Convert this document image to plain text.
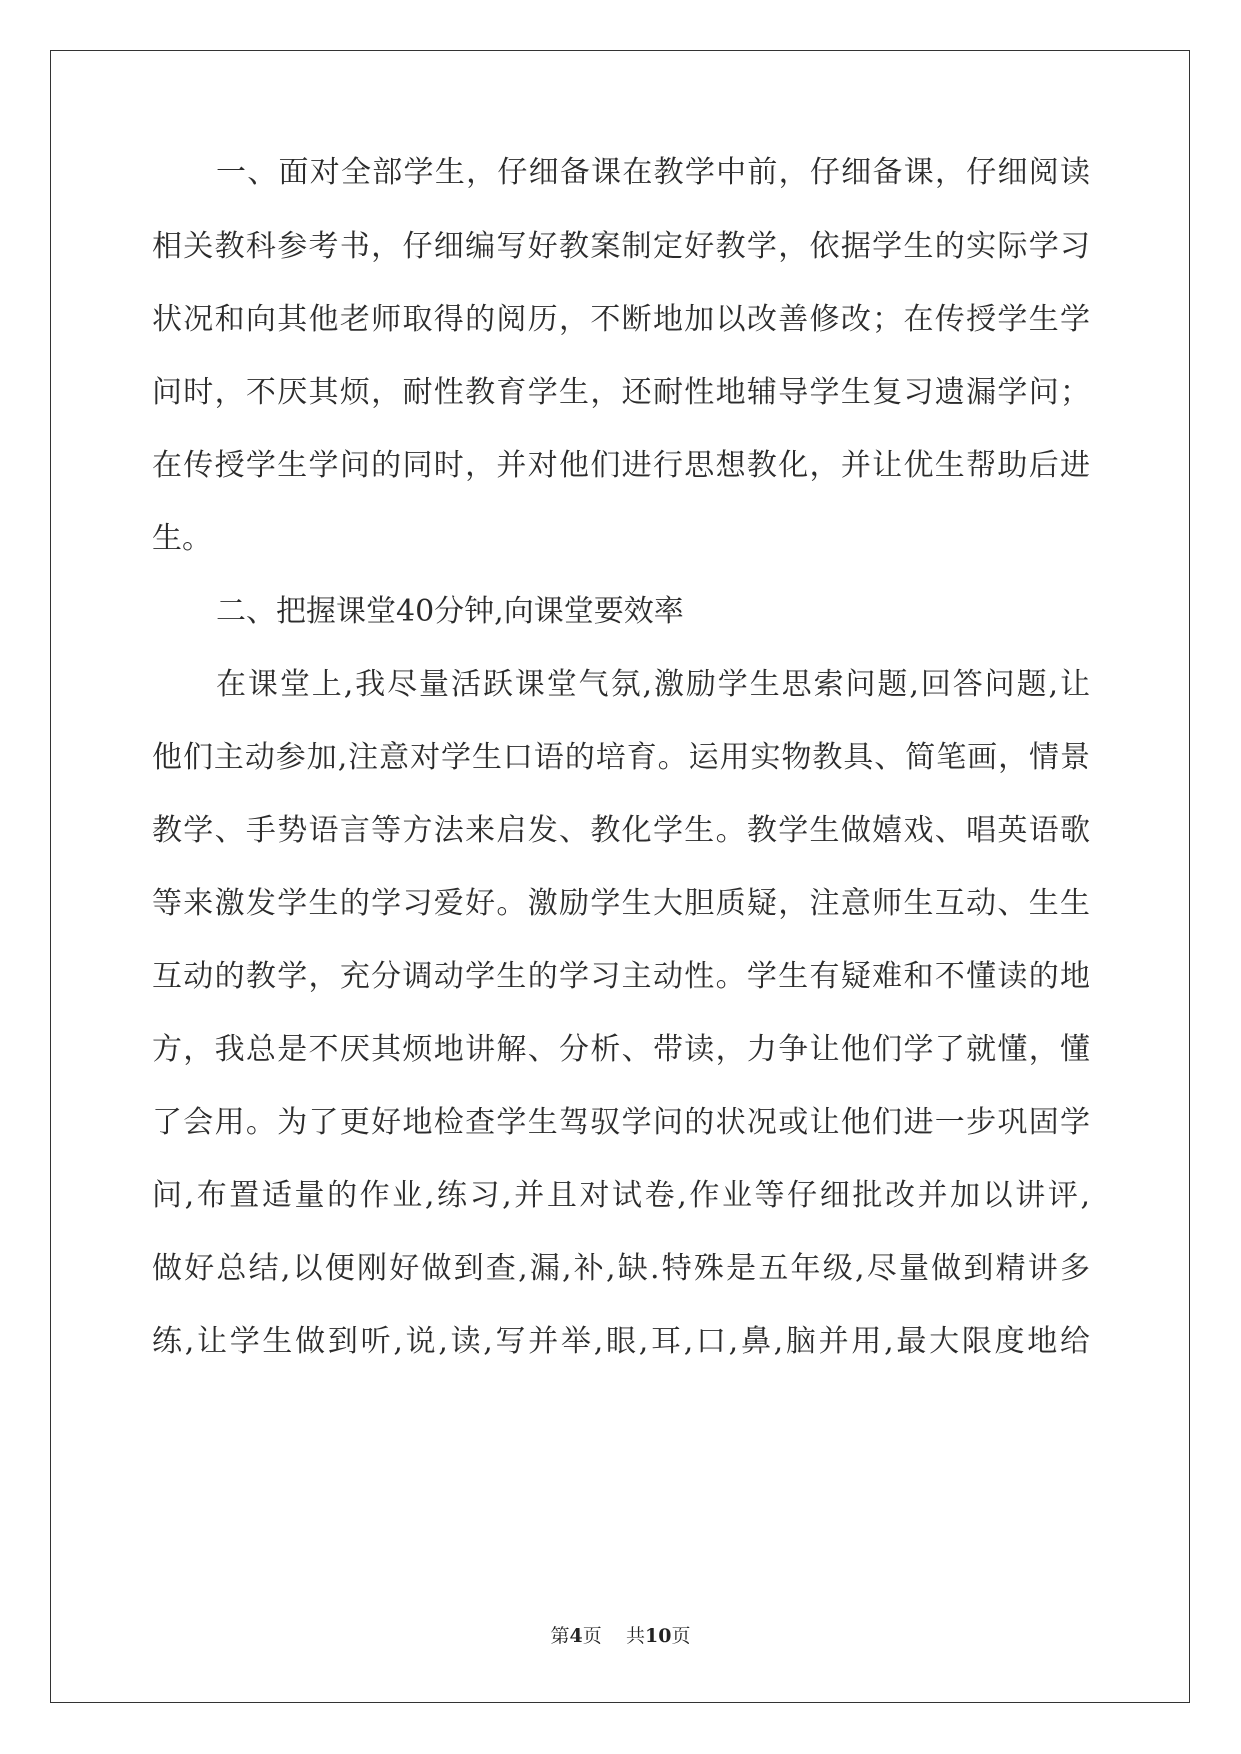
一、面对全部学生，仔细备课在教学中前，仔细备课，仔细阅读
相关教科参考书，仔细编写好教案制定好教学，依据学生的实际学习
状况和向其他老师取得的阅历，不断地加以改善修改；在传授学生学
问时，不厌其烦，耐性教育学生，还耐性地辅导学生复习遗漏学问；
在传授学生学问的同时，并对他们进行思想教化，并让优生帮助后进
生。
二、把握课堂40分钟,向课堂要效率
在课堂上,我尽量活跃课堂气氛,激励学生思索问题,回答问题,让
他们主动参加,注意对学生口语的培育。运用实物教具、简笔画，情景
教学、手势语言等方法来启发、教化学生。教学生做嬉戏、唱英语歌
等来激发学生的学习爱好。激励学生大胆质疑，注意师生互动、生生
互动的教学，充分调动学生的学习主动性。学生有疑难和不懂读的地
方，我总是不厌其烦地讲解、分析、带读，力争让他们学了就懂，懂
了会用。为了更好地检查学生驾驭学问的状况或让他们进一步巩固学
问,布置适量的作业,练习,并且对试卷,作业等仔细批改并加以讲评,
做好总结,以便刚好做到查,漏,补,缺.特殊是五年级,尽量做到精讲多
练,让学生做到听,说,读,写并举,眼,耳,口,鼻,脑并用,最大限度地给
第4页 共10页
